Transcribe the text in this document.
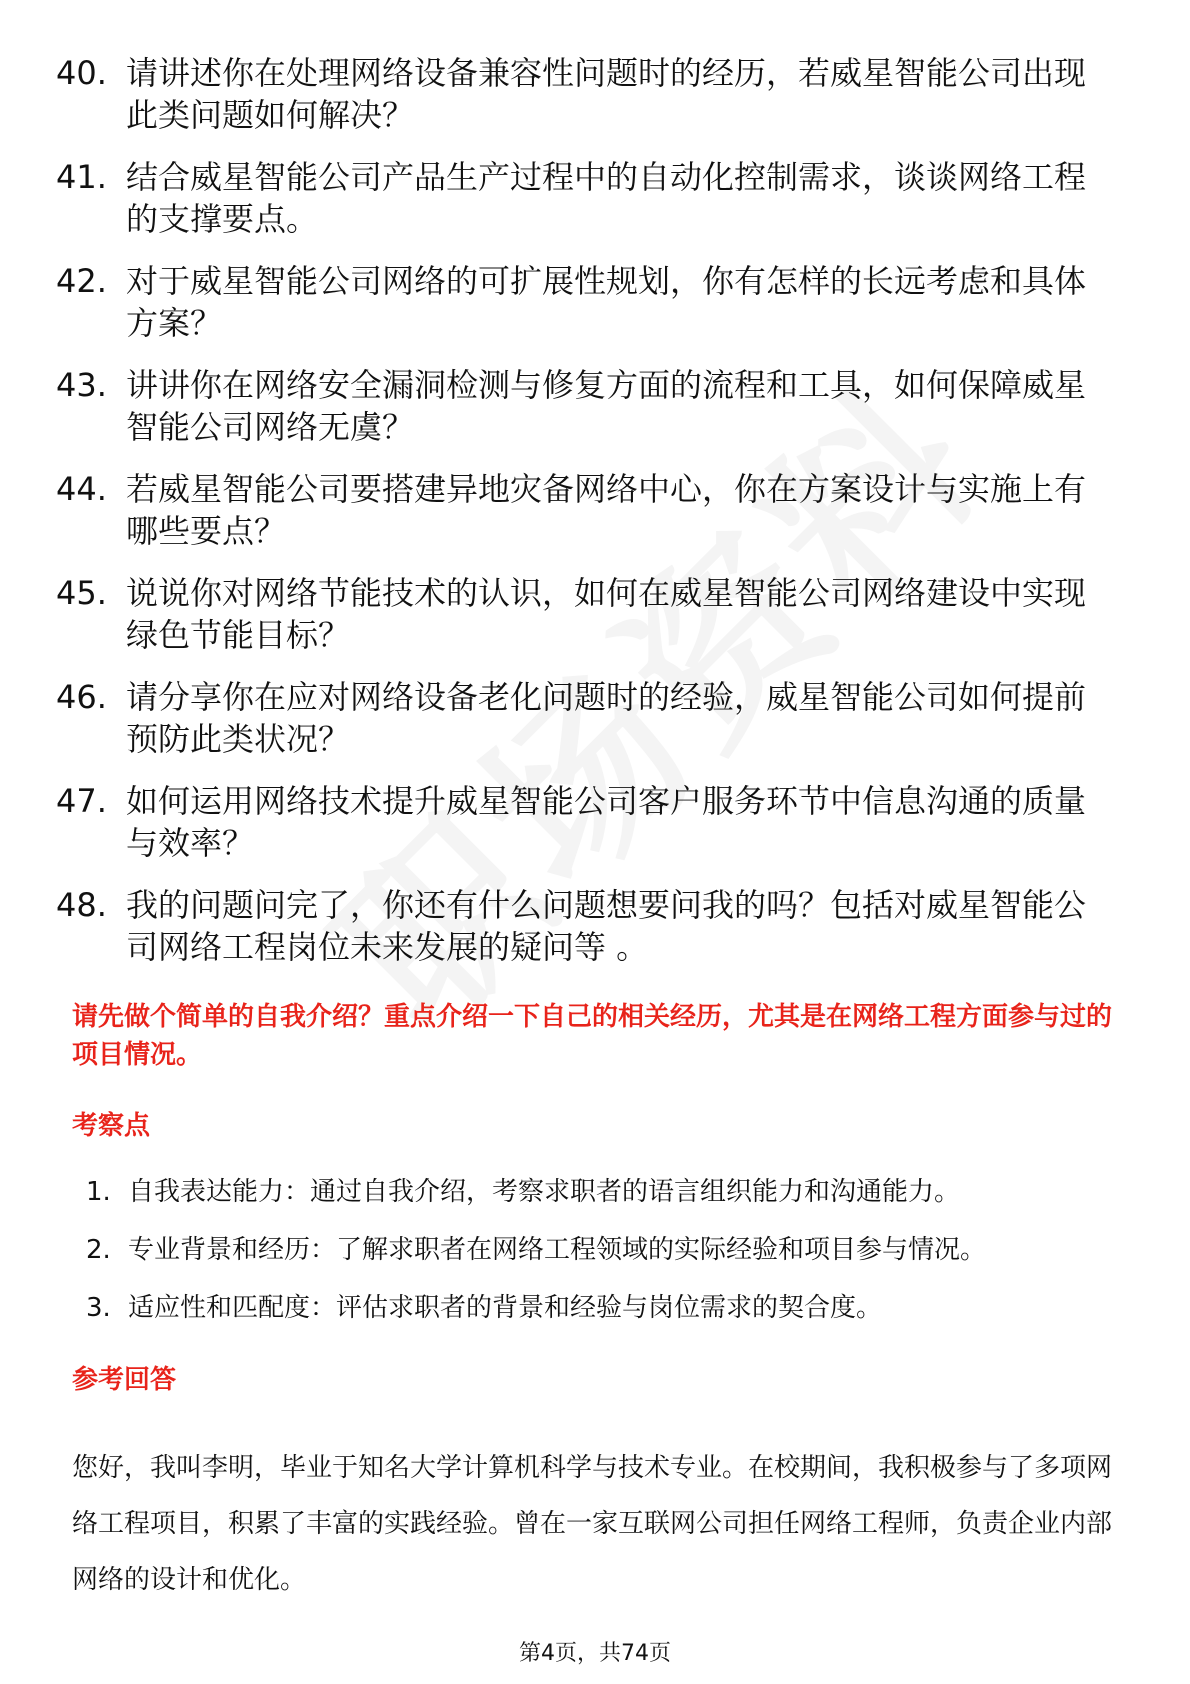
40. 请讲述你在处理网络设备兼容性问题时的经历，若威星智能公司出现此类问题如何解决？
41. 结合威星智能公司产品生产过程中的自动化控制需求，谈谈网络工程的支撑要点。
42. 对于威星智能公司网络的可扩展性规划，你有怎样的长远考虑和具体方案？
43. 讲讲你在网络安全漏洞检测与修复方面的流程和工具，如何保障威星智能公司网络无虞？
44. 若威星智能公司要搭建异地灾备网络中心，你在方案设计与实施上有哪些要点？
45. 说说你对网络节能技术的认识，如何在威星智能公司网络建设中实现绿色节能目标？
46. 请分享你在应对网络设备老化问题时的经验，威星智能公司如何提前预防此类状况？
47. 如何运用网络技术提升威星智能公司客户服务环节中信息沟通的质量与效率？
48. 我的问题问完了，你还有什么问题想要问我的吗？包括对威星智能公司网络工程岗位未来发展的疑问等 。

请先做个简单的自我介绍？重点介绍一下自己的相关经历，尤其是在网络工程方面参与过的项目情况。

考察点
1. 自我表达能力：通过自我介绍，考察求职者的语言组织能力和沟通能力。
2. 专业背景和经历：了解求职者在网络工程领域的实际经验和项目参与情况。
3. 适应性和匹配度：评估求职者的背景和经验与岗位需求的契合度。
参考回答

您好，我叫李明，毕业于知名大学计算机科学与技术专业。在校期间，我积极参与了多项网络工程项目，积累了丰富的实践经验。曾在一家互联网公司担任网络工程师，负责企业内部网络的设计和优化。

第4页，共74页
